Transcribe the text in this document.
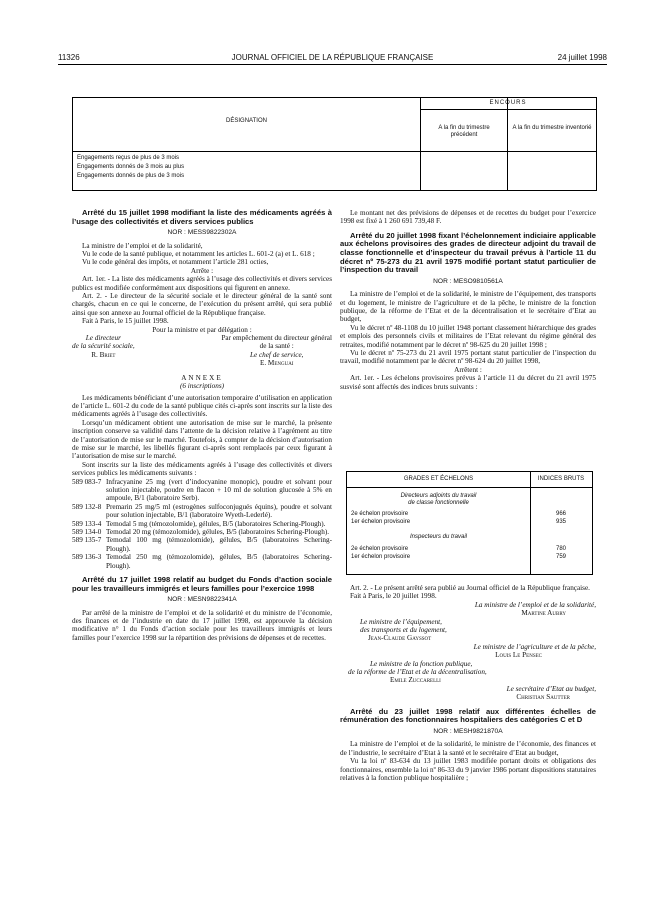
11326	JOURNAL OFFICIEL DE LA RÉPUBLIQUE FRANÇAISE	24 juillet 1998
DÉSIGNATION
ENCOURS
A la fin du trimestre précédent
A la fin du trimestre inventorié
Engagements reçus de plus de 3 mois
Engagements donnés de 3 mois au plus
Engagements donnés de plus de 3 mois

Arrêté du 15 juillet 1998 modifiant la liste des médicaments agréés à l’usage des collectivités et divers services publics

NOR : MESS9822302A

La ministre de l’emploi et de la solidarité,

Vu le code de la santé publique, et notamment les articles L. 601-2 (a) et L. 618 ;

Vu le code général des impôts, et notamment l’article 281 octies,

Arrête :

Art. 1er. - La liste des médicaments agréés à l’usage des collectivités et divers services publics est modifiée conformément aux dispositions qui figurent en annexe.

Art. 2. - Le directeur de la sécurité sociale et le directeur général de la santé sont chargés, chacun en ce qui le concerne, de l’exécution du présent arrêté, qui sera publié ainsi que son annexe au Journal officiel de la République française.

Fait à Paris, le 15 juillet 1998.

Pour la ministre et par délégation :

Le directeur
de la sécurité sociale,
R. Briet
Par empêchement du directeur général
de la santé :
Le chef de service,
E. Menguai

ANNEXE

(6 inscriptions)

Les médicaments bénéficiant d’une autorisation temporaire d’utilisation en application de l’article L. 601-2 du code de la santé publique cités ci-après sont inscrits sur la liste des médicaments agréés à l’usage des collectivités.

Lorsqu’un médicament obtient une autorisation de mise sur le marché, la présente inscription conserve sa validité dans l’attente de la décision relative à l’agrément au titre de l’autorisation de mise sur le marché. Toutefois, à compter de la décision d’autorisation de mise sur le marché, les libellés figurant ci-après sont remplacés par ceux figurant à l’autorisation de mise sur le marché.

Sont inscrits sur la liste des médicaments agréés à l’usage des collectivités et divers services publics les médicaments suivants :

589 083-7 Infracyanine 25 mg (vert d’indocyanine monopic), poudre et solvant pour solution injectable, poudre en flacon + 10 ml de solution glucosée à 5% en ampoule, B/1 (laboratoire Serb).
589 132-8 Premarin 25 mg/5 ml (estrogènes sulfoconjugués équins), poudre et solvant pour solution injectable, B/1 (laboratoire Wyeth-Lederlé).
589 133-4 Temodal 5 mg (témozolomide), gélules, B/5 (laboratoires Schering-Plough).
589 134-0 Temodal 20 mg (témozolomide), gélules, B/5 (laboratoires Schering-Plough).
589 135-7 Temodal 100 mg (témozolomide), gélules, B/5 (laboratoires Schering-Plough).
589 136-3 Temodal 250 mg (témozolomide), gélules, B/5 (laboratoires Schering-Plough).

Arrêté du 17 juillet 1998 relatif au budget du Fonds d’action sociale pour les travailleurs immigrés et leurs familles pour l’exercice 1998

NOR : MESN9822341A

Par arrêté de la ministre de l’emploi et de la solidarité et du ministre de l’économie, des finances et de l’industrie en date du 17 juillet 1998, est approuvée la décision modificative n° 1 du Fonds d’action sociale pour les travailleurs immigrés et leurs familles pour l’exercice 1998 sur la répartition des prévisions de dépenses et de recettes.

Le montant net des prévisions de dépenses et de recettes du budget pour l’exercice 1998 est fixé à 1 260 691 739,48 F.

Arrêté du 20 juillet 1998 fixant l’échelonnement indiciaire applicable aux échelons provisoires des grades de directeur adjoint du travail de classe fonctionnelle et d’inspecteur du travail prévus à l’article 11 du décret nº 75-273 du 21 avril 1975 modifié portant statut particulier de l’inspection du travail

NOR : MESO9810561A

La ministre de l’emploi et de la solidarité, le ministre de l’équipement, des transports et du logement, le ministre de l’agriculture et de la pêche, le ministre de la fonction publique, de la réforme de l’Etat et de la décentralisation et le secrétaire d’Etat au budget,

Vu le décret nº 48-1108 du 10 juillet 1948 portant classement hiérarchique des grades et emplois des personnels civils et militaires de l’Etat relevant du régime général des retraites, modifié notamment par le décret nº 98-625 du 20 juillet 1998 ;

Vu le décret nº 75-273 du 21 avril 1975 portant statut particulier de l’inspection du travail, modifié notamment par le décret nº 98-624 du 20 juillet 1998,

Arrêtent :

Art. 1er. - Les échelons provisoires prévus à l’article 11 du décret du 21 avril 1975 susvisé sont affectés des indices bruts suivants :

GRADES ET ÉCHELONS	INDICES BRUTS
Directeurs adjoints du travail
de classe fonctionnelle
2e échelon provisoire	966
1er échelon provisoire	935
Inspecteurs du travail
2e échelon provisoire	780
1er échelon provisoire	759

Art. 2. - Le présent arrêté sera publié au Journal officiel de la République française.

Fait à Paris, le 20 juillet 1998.

La ministre de l’emploi et de la solidarité,

Martine Aubry

Le ministre de l’équipement,

des transports et du logement,

Jean-Claude Gayssot

Le ministre de l’agriculture et de la pêche,

Louis Le Pensec

Le ministre de la fonction publique,

de la réforme de l’Etat et de la décentralisation,

Emile Zuccarelli

Le secrétaire d’Etat au budget,

Christian Sautter

Arrêté du 23 juillet 1998 relatif aux différentes échelles de rémunération des fonctionnaires hospitaliers des catégories C et D

NOR : MESH9821870A

La ministre de l’emploi et de la solidarité, le ministre de l’économie, des finances et de l’industrie, le secrétaire d’Etat à la santé et le secrétaire d’Etat au budget,

Vu la loi nº 83-634 du 13 juillet 1983 modifiée portant droits et obligations des fonctionnaires, ensemble la loi nº 86-33 du 9 janvier 1986 portant dispositions statutaires relatives à la fonction publique hospitalière ;
